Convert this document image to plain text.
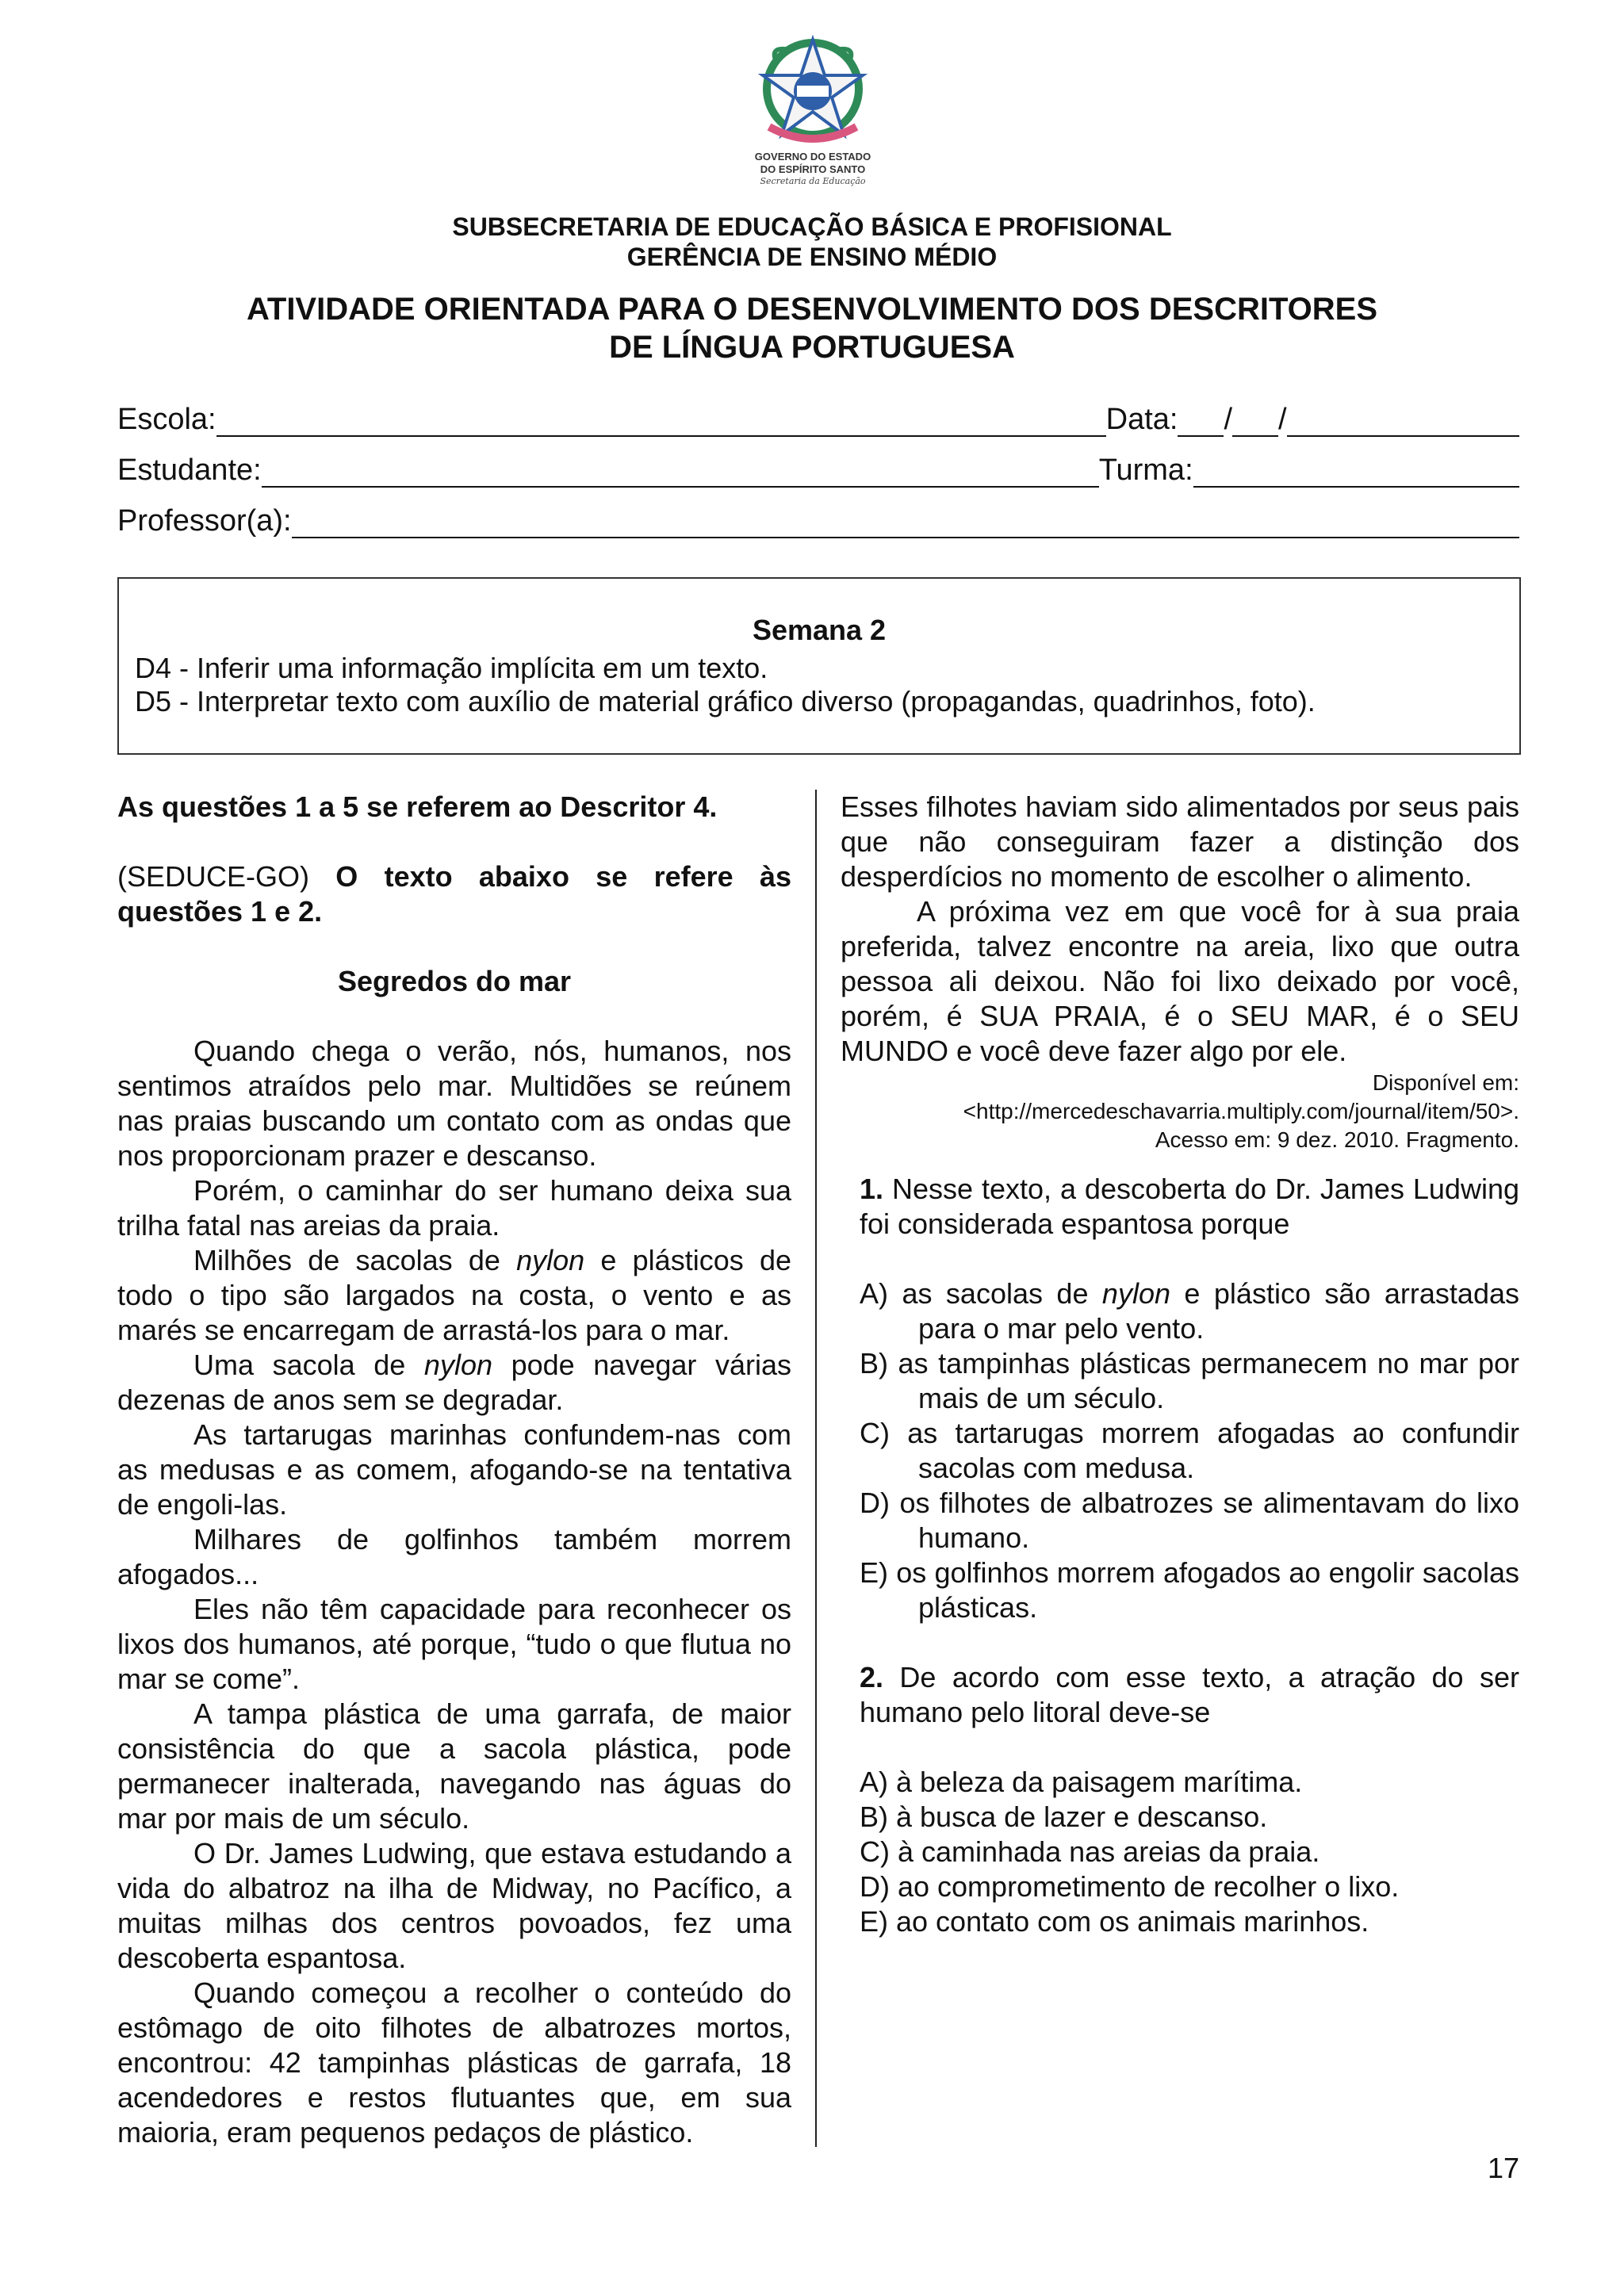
GOVERNO DO ESTADO
DO ESPÍRITO SANTO
Secretaria da Educação
SUBSECRETARIA DE EDUCAÇÃO BÁSICA E PROFISIONAL
GERÊNCIA DE ENSINO MÉDIO
ATIVIDADE ORIENTADA PARA O DESENVOLVIMENTO DOS DESCRITORES
DE LÍNGUA PORTUGUESA
Escola:	Data: / /
Estudante:	Turma:
Professor(a):
Semana 2
D4 - Inferir uma informação implícita em um texto.
D5 - Interpretar texto com auxílio de material gráfico diverso (propagandas, quadrinhos, foto).

As questões 1 a 5 se referem ao Descritor 4.

(SEDUCE-GO) O texto abaixo se refere às questões 1 e 2.

Segredos do mar

Quando chega o verão, nós, humanos, nos sentimos atraídos pelo mar. Multidões se reúnem nas praias buscando um contato com as ondas que nos proporcionam prazer e descanso.

Porém, o caminhar do ser humano deixa sua trilha fatal nas areias da praia.

Milhões de sacolas de nylon e plásticos de todo o tipo são largados na costa, o vento e as marés se encarregam de arrastá-los para o mar.

Uma sacola de nylon pode navegar várias dezenas de anos sem se degradar.

As tartarugas marinhas confundem-nas com as medusas e as comem, afogando-se na tentativa de engoli-las.

Milhares de golfinhos também morrem afogados...

Eles não têm capacidade para reconhecer os lixos dos humanos, até porque, “tudo o que flutua no mar se come”.

A tampa plástica de uma garrafa, de maior consistência do que a sacola plástica, pode permanecer inalterada, navegando nas águas do mar por mais de um século.

O Dr. James Ludwing, que estava estudando a vida do albatroz na ilha de Midway, no Pacífico, a muitas milhas dos centros povoados, fez uma descoberta espantosa.

Quando começou a recolher o conteúdo do estômago de oito filhotes de albatrozes mortos, encontrou: 42 tampinhas plásticas de garrafa, 18 acendedores e restos flutuantes que, em sua maioria, eram pequenos pedaços de plástico.

Esses filhotes haviam sido alimentados por seus pais que não conseguiram fazer a distinção dos desperdícios no momento de escolher o alimento.

A próxima vez em que você for à sua praia preferida, talvez encontre na areia, lixo que outra pessoa ali deixou. Não foi lixo deixado por você, porém, é SUA PRAIA, é o SEU MAR, é o SEU MUNDO e você deve fazer algo por ele.

Disponível em:

<http://mercedeschavarria.multiply.com/journal/item/50>.

Acesso em: 9 dez. 2010. Fragmento.

1. Nesse texto, a descoberta do Dr. James Ludwing foi considerada espantosa porque

A) as sacolas de nylon e plástico são arrastadas para o mar pelo vento.

B) as tampinhas plásticas permanecem no mar por mais de um século.

C) as tartarugas morrem afogadas ao confundir sacolas com medusa.

D) os filhotes de albatrozes se alimentavam do lixo humano.

E) os golfinhos morrem afogados ao engolir sacolas plásticas.

2. De acordo com esse texto, a atração do ser humano pelo litoral deve-se

A) à beleza da paisagem marítima.

B) à busca de lazer e descanso.

C) à caminhada nas areias da praia.

D) ao comprometimento de recolher o lixo.

E) ao contato com os animais marinhos.

17
